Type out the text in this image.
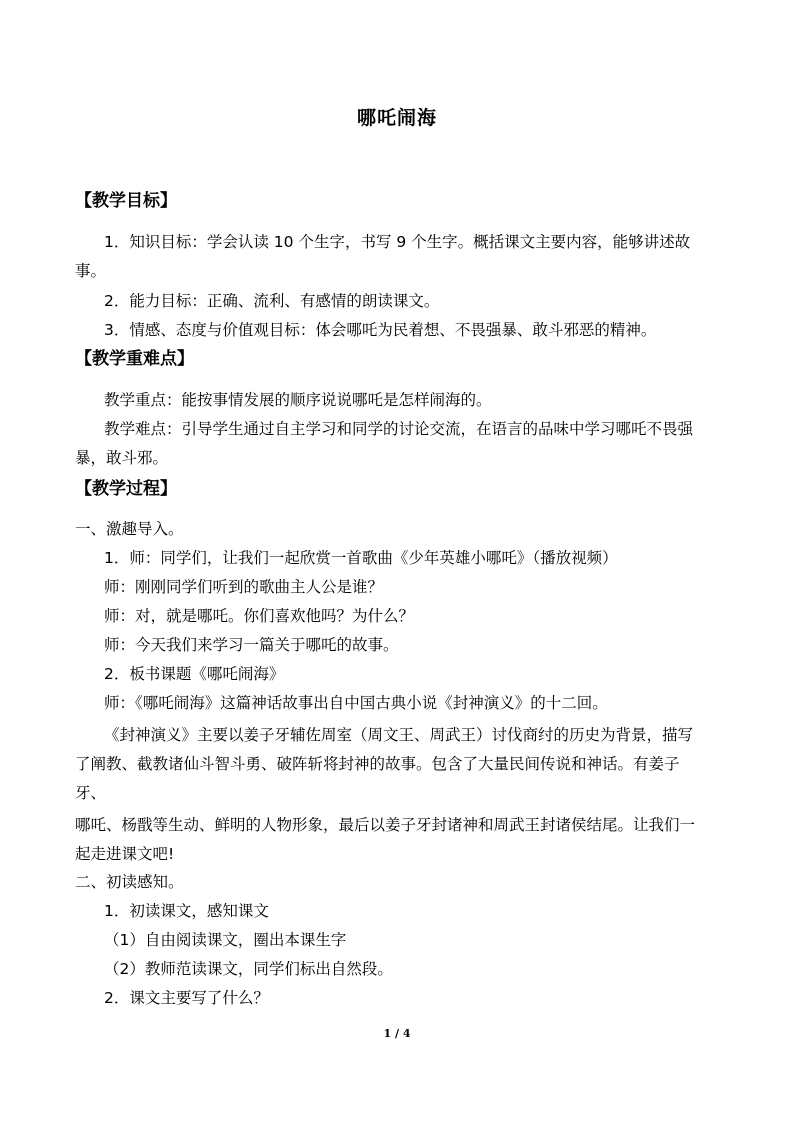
哪吒闹海
【教学目标】
1．知识目标：学会认读 10 个生字，书写 9 个生字。概括课文主要内容，能够讲述故
事。
2．能力目标：正确、流利、有感情的朗读课文。
3．情感、态度与价值观目标：体会哪吒为民着想、不畏强暴、敢斗邪恶的精神。
【教学重难点】
教学重点：能按事情发展的顺序说说哪吒是怎样闹海的。
教学难点：引导学生通过自主学习和同学的讨论交流，在语言的品味中学习哪吒不畏强
暴，敢斗邪。
【教学过程】
一、激趣导入。
1．师：同学们，让我们一起欣赏一首歌曲《少年英雄小哪吒》（播放视频）
师：刚刚同学们听到的歌曲主人公是谁？
师：对，就是哪吒。你们喜欢他吗？为什么？
师：今天我们来学习一篇关于哪吒的故事。
2．板书课题《哪吒闹海》
师：《哪吒闹海》这篇神话故事出自中国古典小说《封神演义》的十二回。
《封神演义》主要以姜子牙辅佐周室（周文王、周武王）讨伐商纣的历史为背景，描写
了阐教、截教诸仙斗智斗勇、破阵斩将封神的故事。包含了大量民间传说和神话。有姜子
牙、
哪吒、杨戬等生动、鲜明的人物形象，最后以姜子牙封诸神和周武王封诸侯结尾。让我们一
起走进课文吧!
二、初读感知。
1．初读课文，感知课文
（1）自由阅读课文，圈出本课生字
（2）教师范读课文，同学们标出自然段。
2．课文主要写了什么？
1 / 4
